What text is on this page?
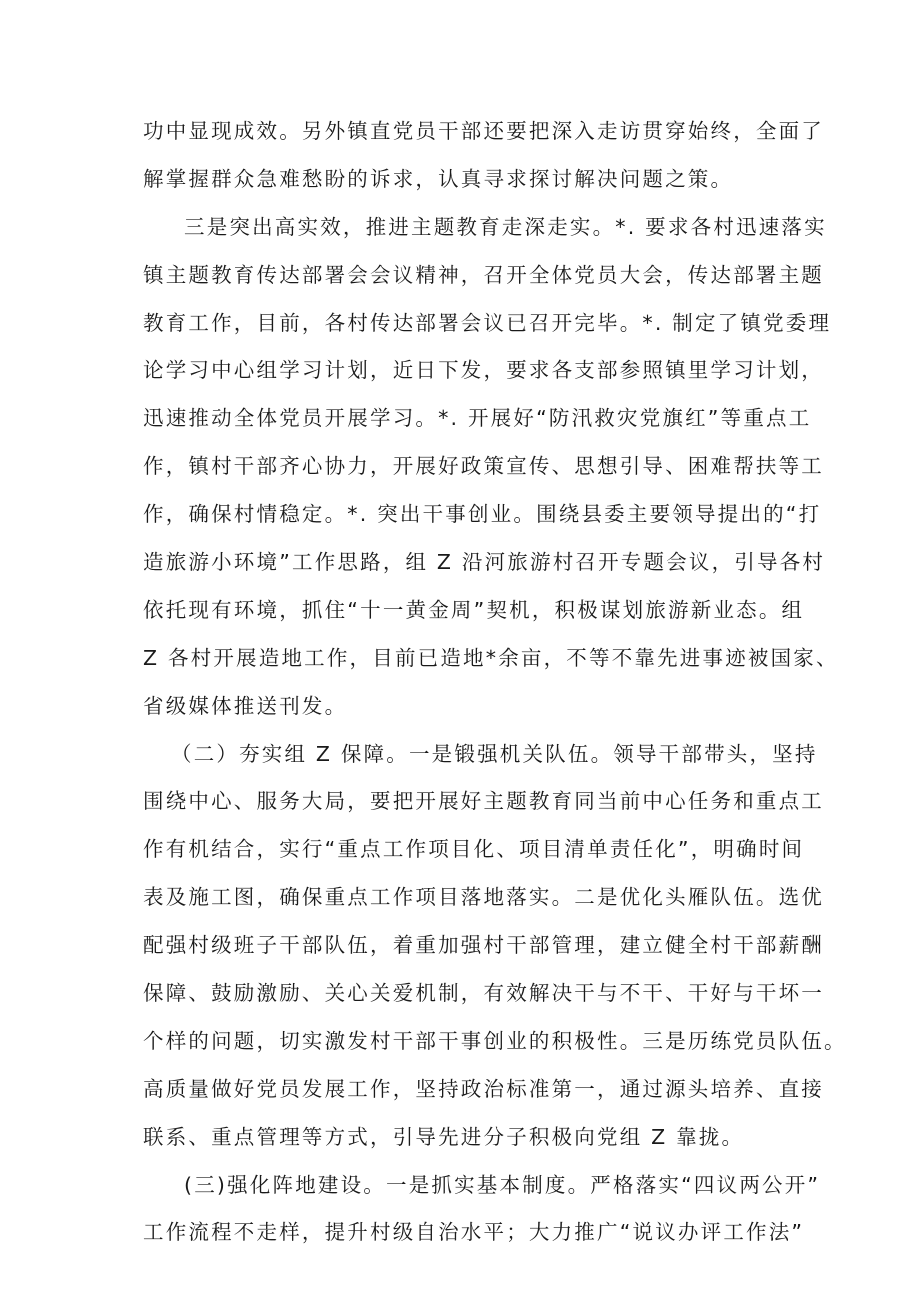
功中显现成效。另外镇直党员干部还要把深入走访贯穿始终，全面了
解掌握群众急难愁盼的诉求，认真寻求探讨解决问题之策。
三是突出高实效，推进主题教育走深走实。*. 要求各村迅速落实
镇主题教育传达部署会会议精神，召开全体党员大会，传达部署主题
教育工作，目前，各村传达部署会议已召开完毕。*. 制定了镇党委理
论学习中心组学习计划，近日下发，要求各支部参照镇里学习计划，
迅速推动全体党员开展学习。*. 开展好“防汛救灾党旗红”等重点工
作，镇村干部齐心协力，开展好政策宣传、思想引导、困难帮扶等工
作，确保村情稳定。*. 突出干事创业。围绕县委主要领导提出的“打
造旅游小环境”工作思路，组 Z 沿河旅游村召开专题会议，引导各村
依托现有环境，抓住“十一黄金周”契机，积极谋划旅游新业态。组
Z 各村开展造地工作，目前已造地*余亩，不等不靠先进事迹被国家、
省级媒体推送刊发。
（二）夯实组 Z 保障。一是锻强机关队伍。领导干部带头，坚持
围绕中心、服务大局，要把开展好主题教育同当前中心任务和重点工
作有机结合，实行“重点工作项目化、项目清单责任化”，明确时间
表及施工图，确保重点工作项目落地落实。二是优化头雁队伍。选优
配强村级班子干部队伍，着重加强村干部管理，建立健全村干部薪酬
保障、鼓励激励、关心关爱机制，有效解决干与不干、干好与干坏一
个样的问题，切实激发村干部干事创业的积极性。三是历练党员队伍。
高质量做好党员发展工作，坚持政治标准第一，通过源头培养、直接
联系、重点管理等方式，引导先进分子积极向党组 Z 靠拢。
(三)强化阵地建设。一是抓实基本制度。严格落实“四议两公开”
工作流程不走样，提升村级自治水平；大力推广“说议办评工作法”
